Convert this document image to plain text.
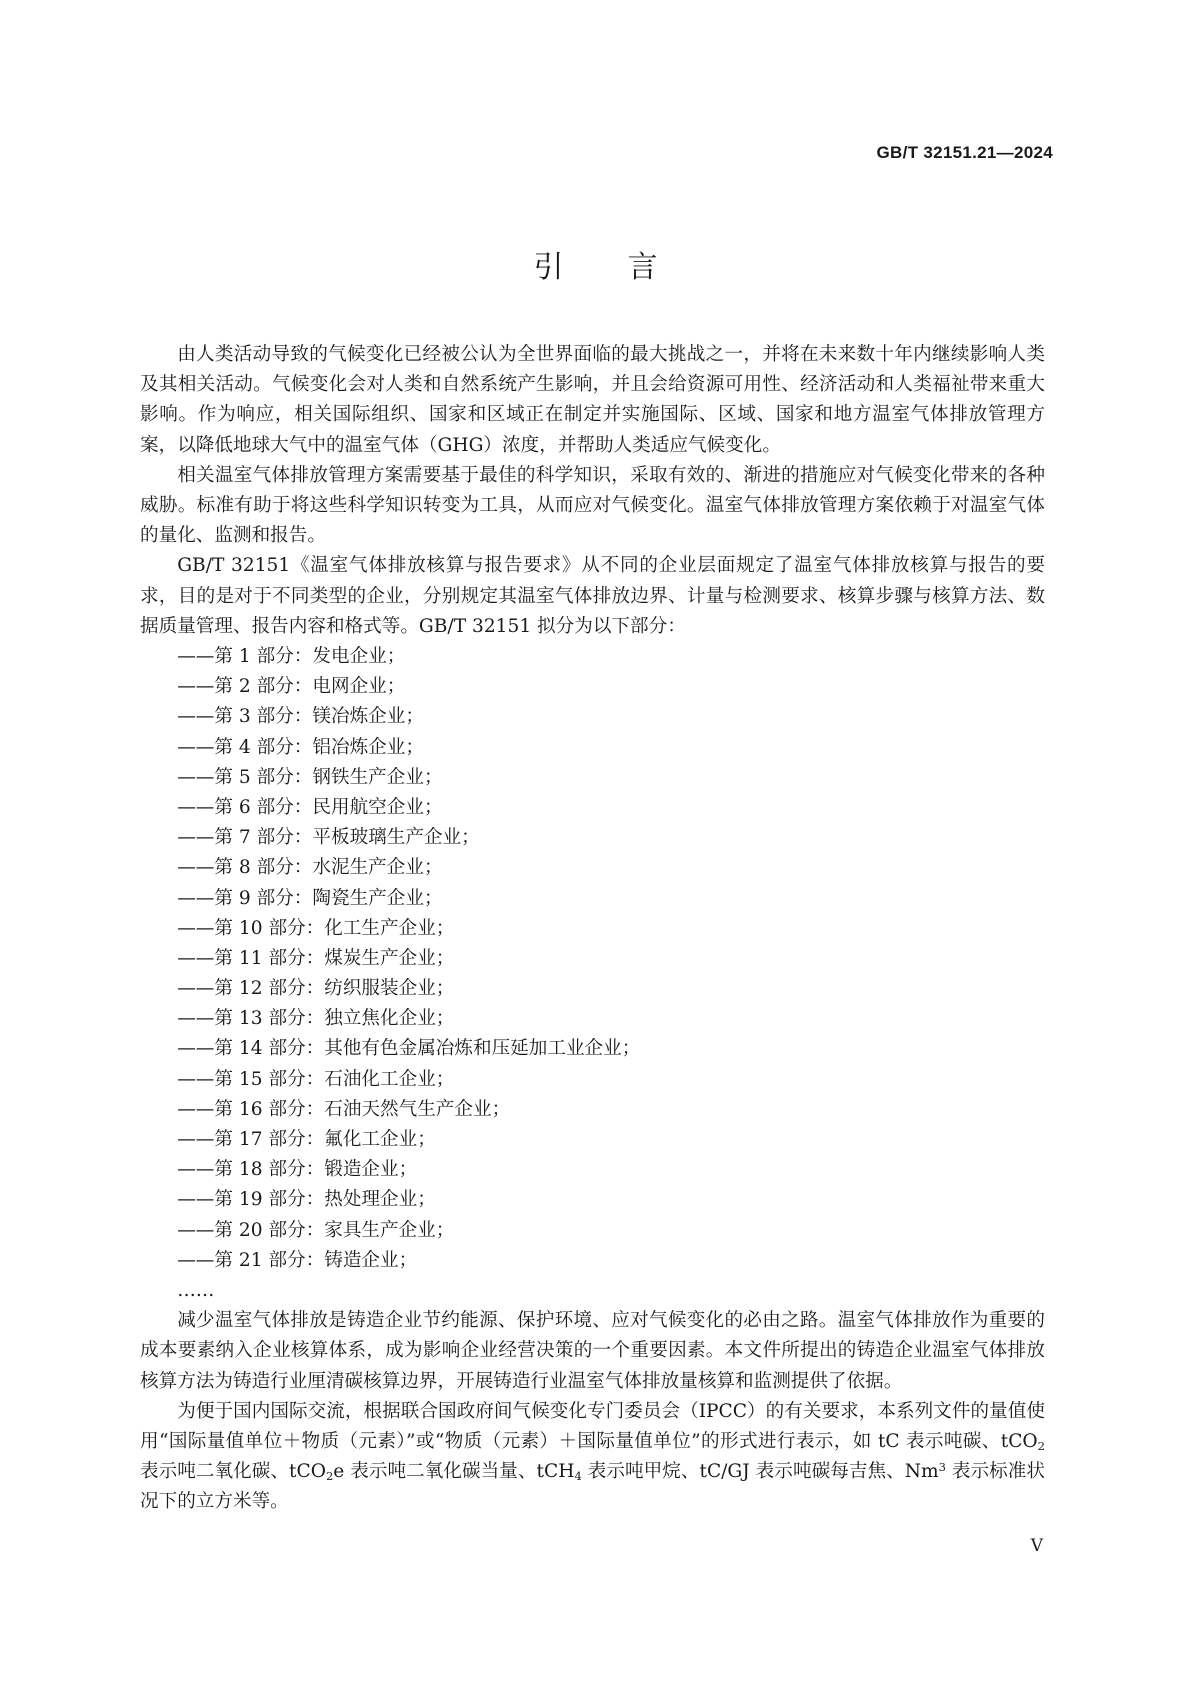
GB/T 32151.21—2024
引言

由人类活动导致的气候变化已经被公认为全世界面临的最大挑战之一，并将在未来数十年内继续影响人类及其相关活动。气候变化会对人类和自然系统产生影响，并且会给资源可用性、经济活动和人类福祉带来重大影响。作为响应，相关国际组织、国家和区域正在制定并实施国际、区域、国家和地方温室气体排放管理方案，以降低地球大气中的温室气体（GHG）浓度，并帮助人类适应气候变化。

相关温室气体排放管理方案需要基于最佳的科学知识，采取有效的、渐进的措施应对气候变化带来的各种威胁。标准有助于将这些科学知识转变为工具，从而应对气候变化。温室气体排放管理方案依赖于对温室气体的量化、监测和报告。

GB/T 32151《温室气体排放核算与报告要求》从不同的企业层面规定了温室气体排放核算与报告的要求，目的是对于不同类型的企业，分别规定其温室气体排放边界、计量与检测要求、核算步骤与核算方法、数据质量管理、报告内容和格式等。GB/T 32151 拟分为以下部分：

——第 1 部分：发电企业；
——第 2 部分：电网企业；
——第 3 部分：镁冶炼企业；
——第 4 部分：铝冶炼企业；
——第 5 部分：钢铁生产企业；
——第 6 部分：民用航空企业；
——第 7 部分：平板玻璃生产企业；
——第 8 部分：水泥生产企业；
——第 9 部分：陶瓷生产企业；
——第 10 部分：化工生产企业；
——第 11 部分：煤炭生产企业；
——第 12 部分：纺织服装企业；
——第 13 部分：独立焦化企业；
——第 14 部分：其他有色金属冶炼和压延加工业企业；
——第 15 部分：石油化工企业；
——第 16 部分：石油天然气生产企业；
——第 17 部分：氟化工企业；
——第 18 部分：锻造企业；
——第 19 部分：热处理企业；
——第 20 部分：家具生产企业；
——第 21 部分：铸造企业；
……

减少温室气体排放是铸造企业节约能源、保护环境、应对气候变化的必由之路。温室气体排放作为重要的成本要素纳入企业核算体系，成为影响企业经营决策的一个重要因素。本文件所提出的铸造企业温室气体排放核算方法为铸造行业厘清碳核算边界，开展铸造行业温室气体排放量核算和监测提供了依据。

为便于国内国际交流，根据联合国政府间气候变化专门委员会（IPCC）的有关要求，本系列文件的量值使用“国际量值单位＋物质（元素）”或“物质（元素）＋国际量值单位”的形式进行表示，如 tC 表示吨碳、tCO$_2$ 表示吨二氧化碳、tCO$_2$e 表示吨二氧化碳当量、tCH$_4$ 表示吨甲烷、tC/GJ 表示吨碳每吉焦、Nm$^3$ 表示标准状况下的立方米等。

V
